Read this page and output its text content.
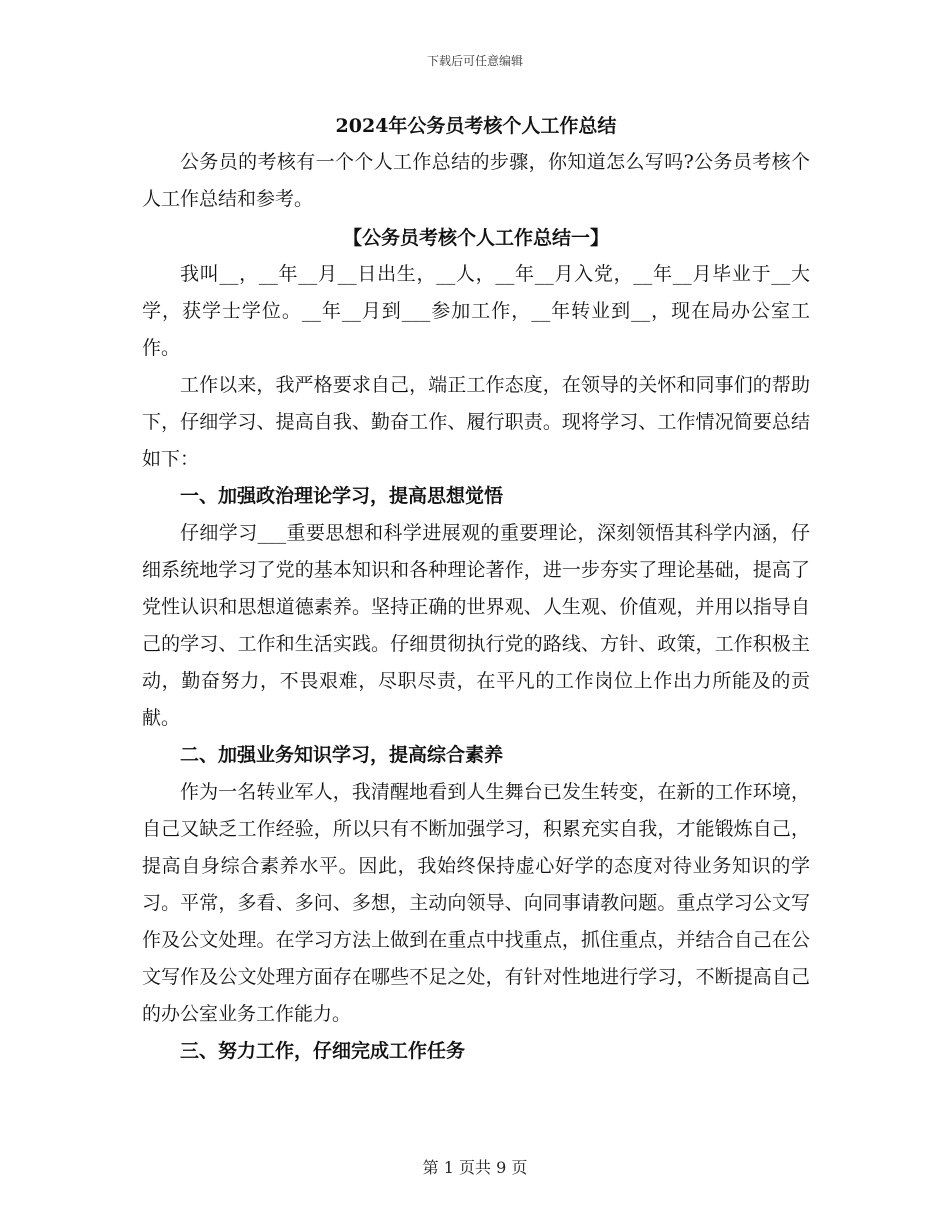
下载后可任意编辑
2024年公务员考核个人工作总结

公务员的考核有一个个人工作总结的步骤，你知道怎么写吗?公务员考核个人工作总结和参考。

【公务员考核个人工作总结一】

我叫__，__年__月__日出生，__人，__年__月入党，__年__月毕业于__大学，获学士学位。__年__月到___参加工作，__年转业到__，现在局办公室工作。

工作以来，我严格要求自己，端正工作态度，在领导的关怀和同事们的帮助下，仔细学习、提高自我、勤奋工作、履行职责。现将学习、工作情况简要总结如下：

一、加强政治理论学习，提高思想觉悟

仔细学习___重要思想和科学进展观的重要理论，深刻领悟其科学内涵，仔细系统地学习了党的基本知识和各种理论著作，进一步夯实了理论基础，提高了党性认识和思想道德素养。坚持正确的世界观、人生观、价值观，并用以指导自己的学习、工作和生活实践。仔细贯彻执行党的路线、方针、政策，工作积极主动，勤奋努力，不畏艰难，尽职尽责，在平凡的工作岗位上作出力所能及的贡献。

二、加强业务知识学习，提高综合素养

作为一名转业军人，我清醒地看到人生舞台已发生转变，在新的工作环境，自己又缺乏工作经验，所以只有不断加强学习，积累充实自我，才能锻炼自己，提高自身综合素养水平。因此，我始终保持虚心好学的态度对待业务知识的学习。平常，多看、多问、多想，主动向领导、向同事请教问题。重点学习公文写作及公文处理。在学习方法上做到在重点中找重点，抓住重点，并结合自己在公文写作及公文处理方面存在哪些不足之处，有针对性地进行学习，不断提高自己的办公室业务工作能力。

三、努力工作，仔细完成工作任务

第 1 页共 9 页
